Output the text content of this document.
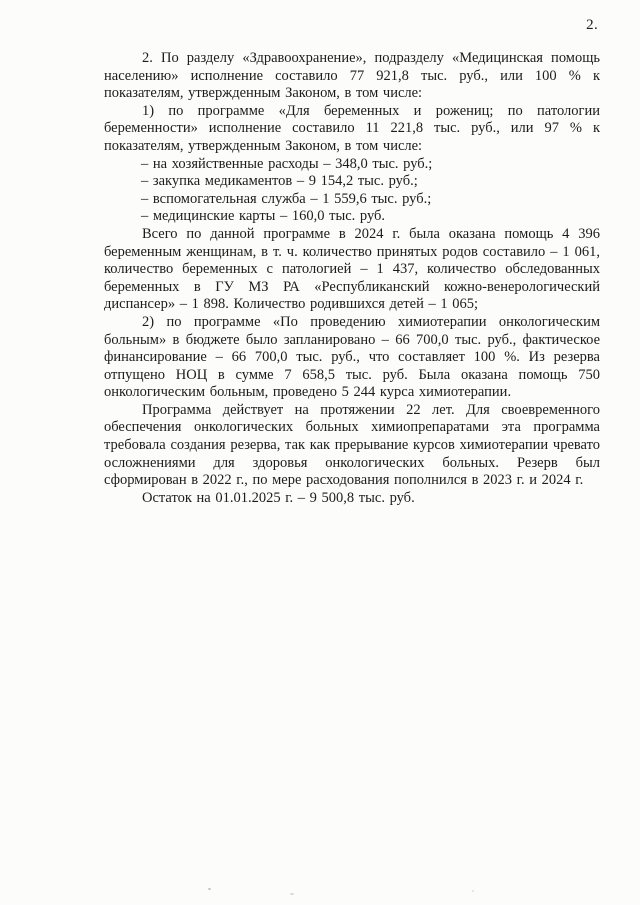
2.

2. По разделу «Здравоохранение», подразделу «Медицинская помощь населению» исполнение составило 77 921,8 тыс. руб., или 100 % к показателям, утвержденным Законом, в том числе:

1) по программе «Для беременных и рожениц; по патологии беременности» исполнение составило 11 221,8 тыс. руб., или 97 % к показателям, утвержденным Законом, в том числе:

– на хозяйственные расходы – 348,0 тыс. руб.;

– закупка медикаментов – 9 154,2 тыс. руб.;

– вспомогательная служба – 1 559,6 тыс. руб.;

– медицинские карты – 160,0 тыс. руб.

Всего по данной программе в 2024 г. была оказана помощь 4 396 беременным женщинам, в т. ч. количество принятых родов составило – 1 061, количество беременных с патологией – 1 437, количество обследованных беременных в ГУ МЗ РА «Республиканский кожно-венерологический диспансер» – 1 898. Количество родившихся детей – 1 065;

2) по программе «По проведению химиотерапии онкологическим больным» в бюджете было запланировано – 66 700,0 тыс. руб., фактическое финансирование – 66 700,0 тыс. руб., что составляет 100 %. Из резерва отпущено НОЦ в сумме 7 658,5 тыс. руб. Была оказана помощь 750 онкологическим больным, проведено 5 244 курса химиотерапии.

Программа действует на протяжении 22 лет. Для своевременного обеспечения онкологических больных химиопрепаратами эта программа требовала создания резерва, так как прерывание курсов химиотерапии чревато осложнениями для здоровья онкологических больных. Резерв был сформирован в 2022 г., по мере расходования пополнился в 2023 г. и 2024 г.

Остаток на 01.01.2025 г. – 9 500,8 тыс. руб.
